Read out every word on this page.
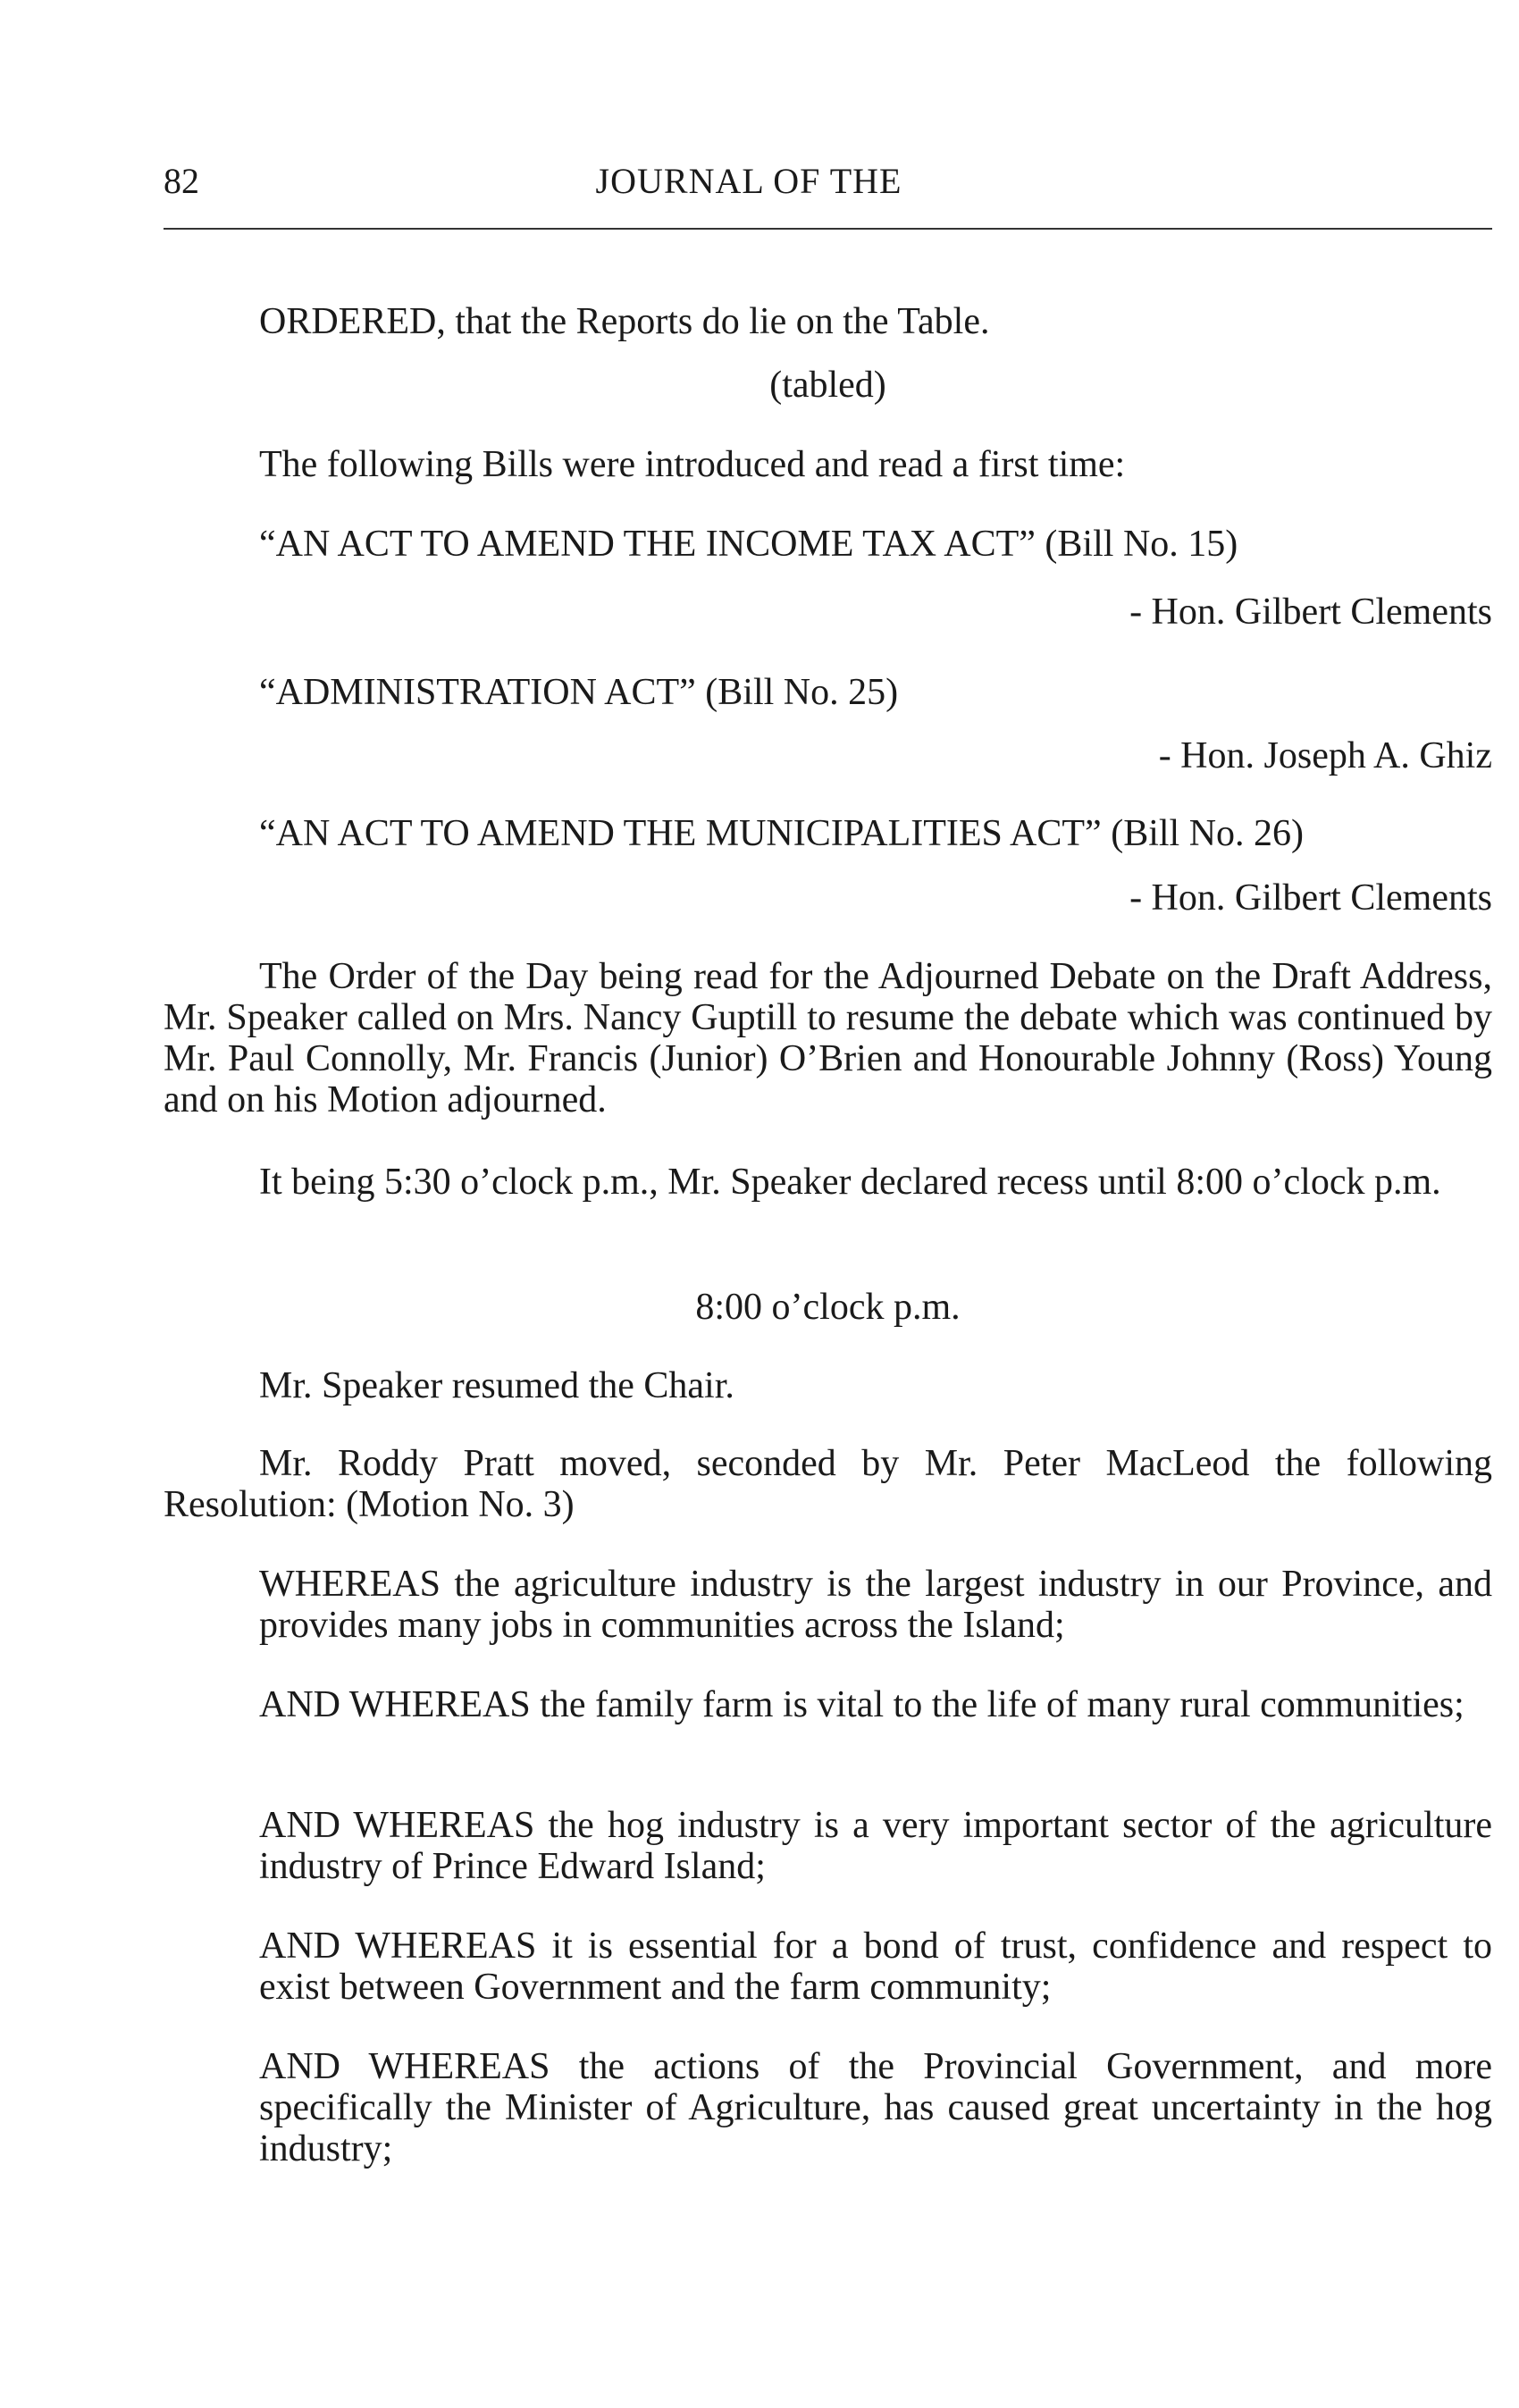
82	JOURNAL OF THE
ORDERED, that the Reports do lie on the Table.
(tabled)
The following Bills were introduced and read a first time:
“AN ACT TO AMEND THE INCOME TAX ACT” (Bill No. 15)
- Hon. Gilbert Clements
“ADMINISTRATION ACT” (Bill No. 25)
- Hon. Joseph A. Ghiz
“AN ACT TO AMEND THE MUNICIPALITIES ACT” (Bill No. 26)
- Hon. Gilbert Clements
The Order of the Day being read for the Adjourned Debate on the Draft Address, Mr. Speaker called on Mrs. Nancy Guptill to resume the debate which was continued by Mr. Paul Connolly, Mr. Francis (Junior) O’Brien and Honourable Johnny (Ross) Young and on his Motion adjourned.
It being 5:30 o’clock p.m., Mr. Speaker declared recess until 8:00 o’clock p.m.
8:00 o’clock p.m.
Mr. Speaker resumed the Chair.
Mr. Roddy Pratt moved, seconded by Mr. Peter MacLeod the following Resolution: (Motion No. 3)
WHEREAS the agriculture industry is the largest industry in our Province, and provides many jobs in communities across the Island;
AND WHEREAS the family farm is vital to the life of many rural communities;
AND WHEREAS the hog industry is a very important sector of the agriculture industry of Prince Edward Island;
AND WHEREAS it is essential for a bond of trust, confidence and respect to exist between Government and the farm community;
AND WHEREAS the actions of the Provincial Government, and more specifically the Minister of Agriculture, has caused great uncertainty in the hog industry;
